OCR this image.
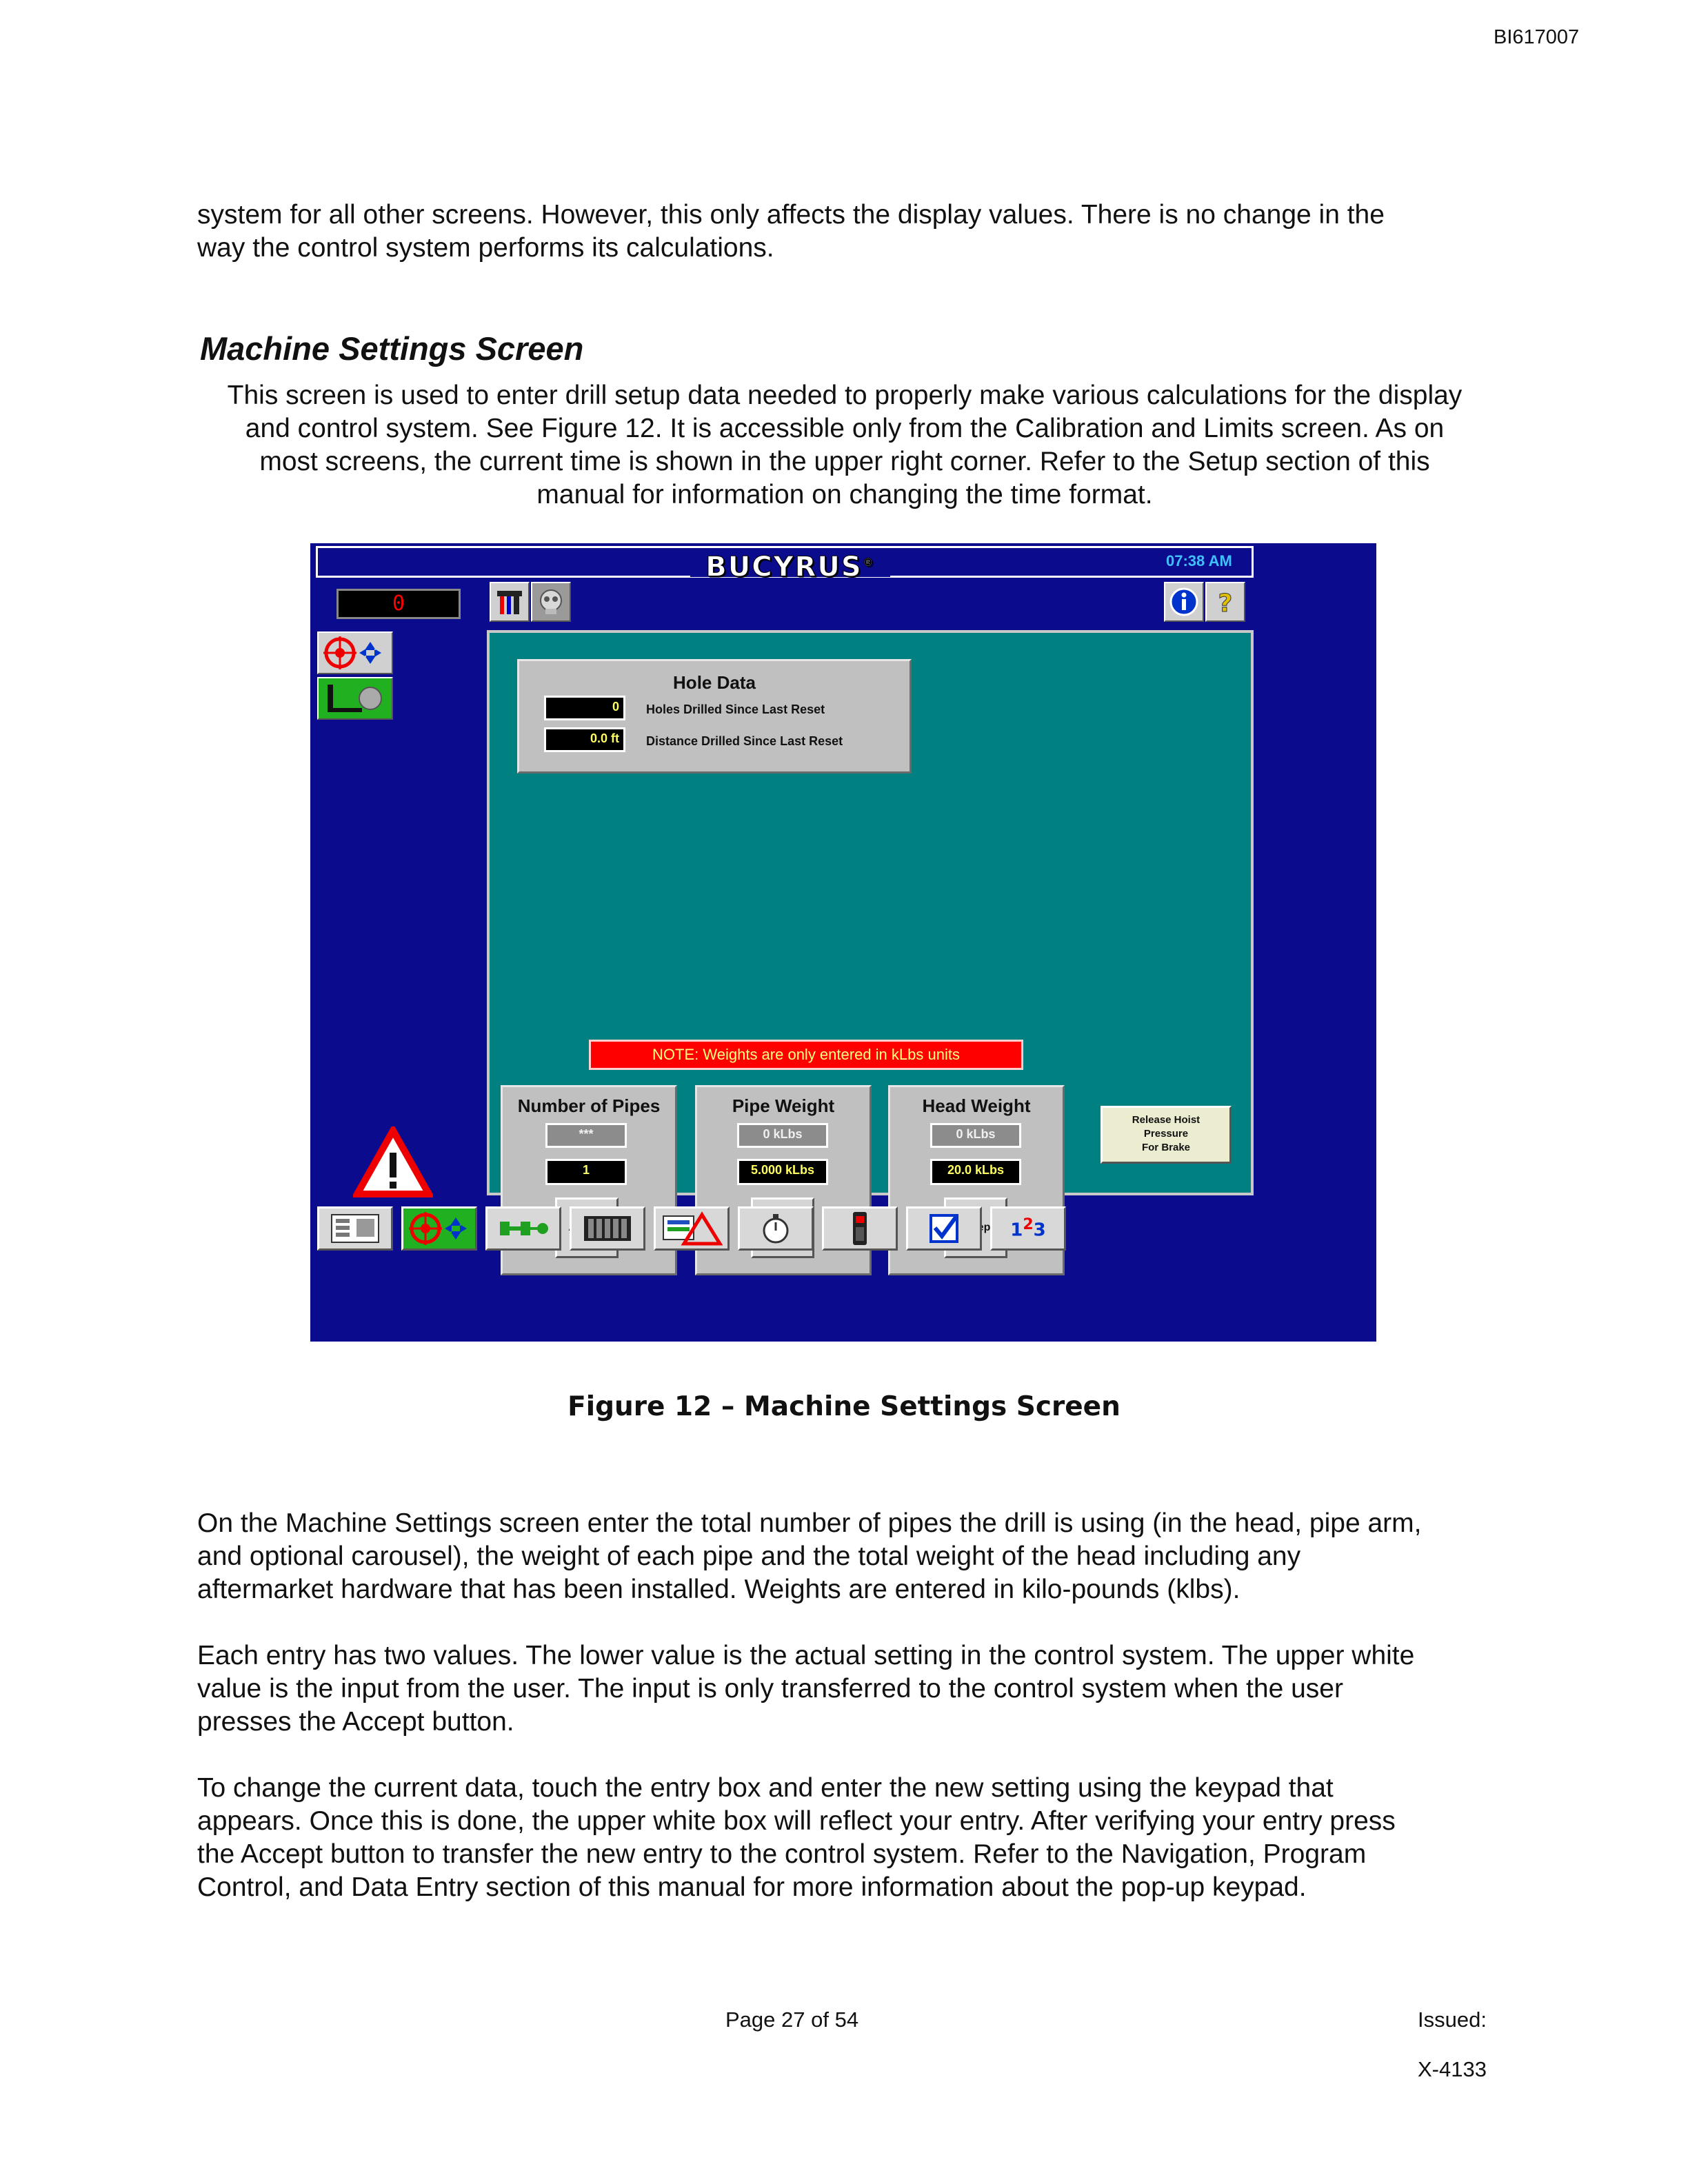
BI617007
system for all other screens. However, this only affects the display values. There is no change in the
way the control system performs its calculations.
Machine Settings Screen
This screen is used to enter drill setup data needed to properly make various calculations for the display
and control system. See Figure 12. It is accessible only from the Calibration and Limits screen. As on
most screens, the current time is shown in the upper right corner. Refer to the Setup section of this
manual for information on changing the time format.
BUCYRUS®	07:38 AM
0	?
Hole Data
0	Holes Drilled Since Last Reset
0.0 ft	Distance Drilled Since Last Reset
NOTE: Weights are only entered in kLbs units
Number of Pipes
***
1
Pipe Weight
0 kLbs
5.000 kLbs
Head Weight
0 kLbs
20.0 kLbs
Release Hoist
Pressure
For Brake
$1^23$
Figure 12 – Machine Settings Screen
On the Machine Settings screen enter the total number of pipes the drill is using (in the head, pipe arm,
and optional carousel), the weight of each pipe and the total weight of the head including any
aftermarket hardware that has been installed. Weights are entered in kilo-pounds (klbs).
Each entry has two values. The lower value is the actual setting in the control system. The upper white
value is the input from the user. The input is only transferred to the control system when the user
presses the Accept button.
To change the current data, touch the entry box and enter the new setting using the keypad that
appears. Once this is done, the upper white box will reflect your entry. After verifying your entry press
the Accept button to transfer the new entry to the control system. Refer to the Navigation, Program
Control, and Data Entry section of this manual for more information about the pop-up keypad.
Page 27 of 54	Issued:
X-4133
